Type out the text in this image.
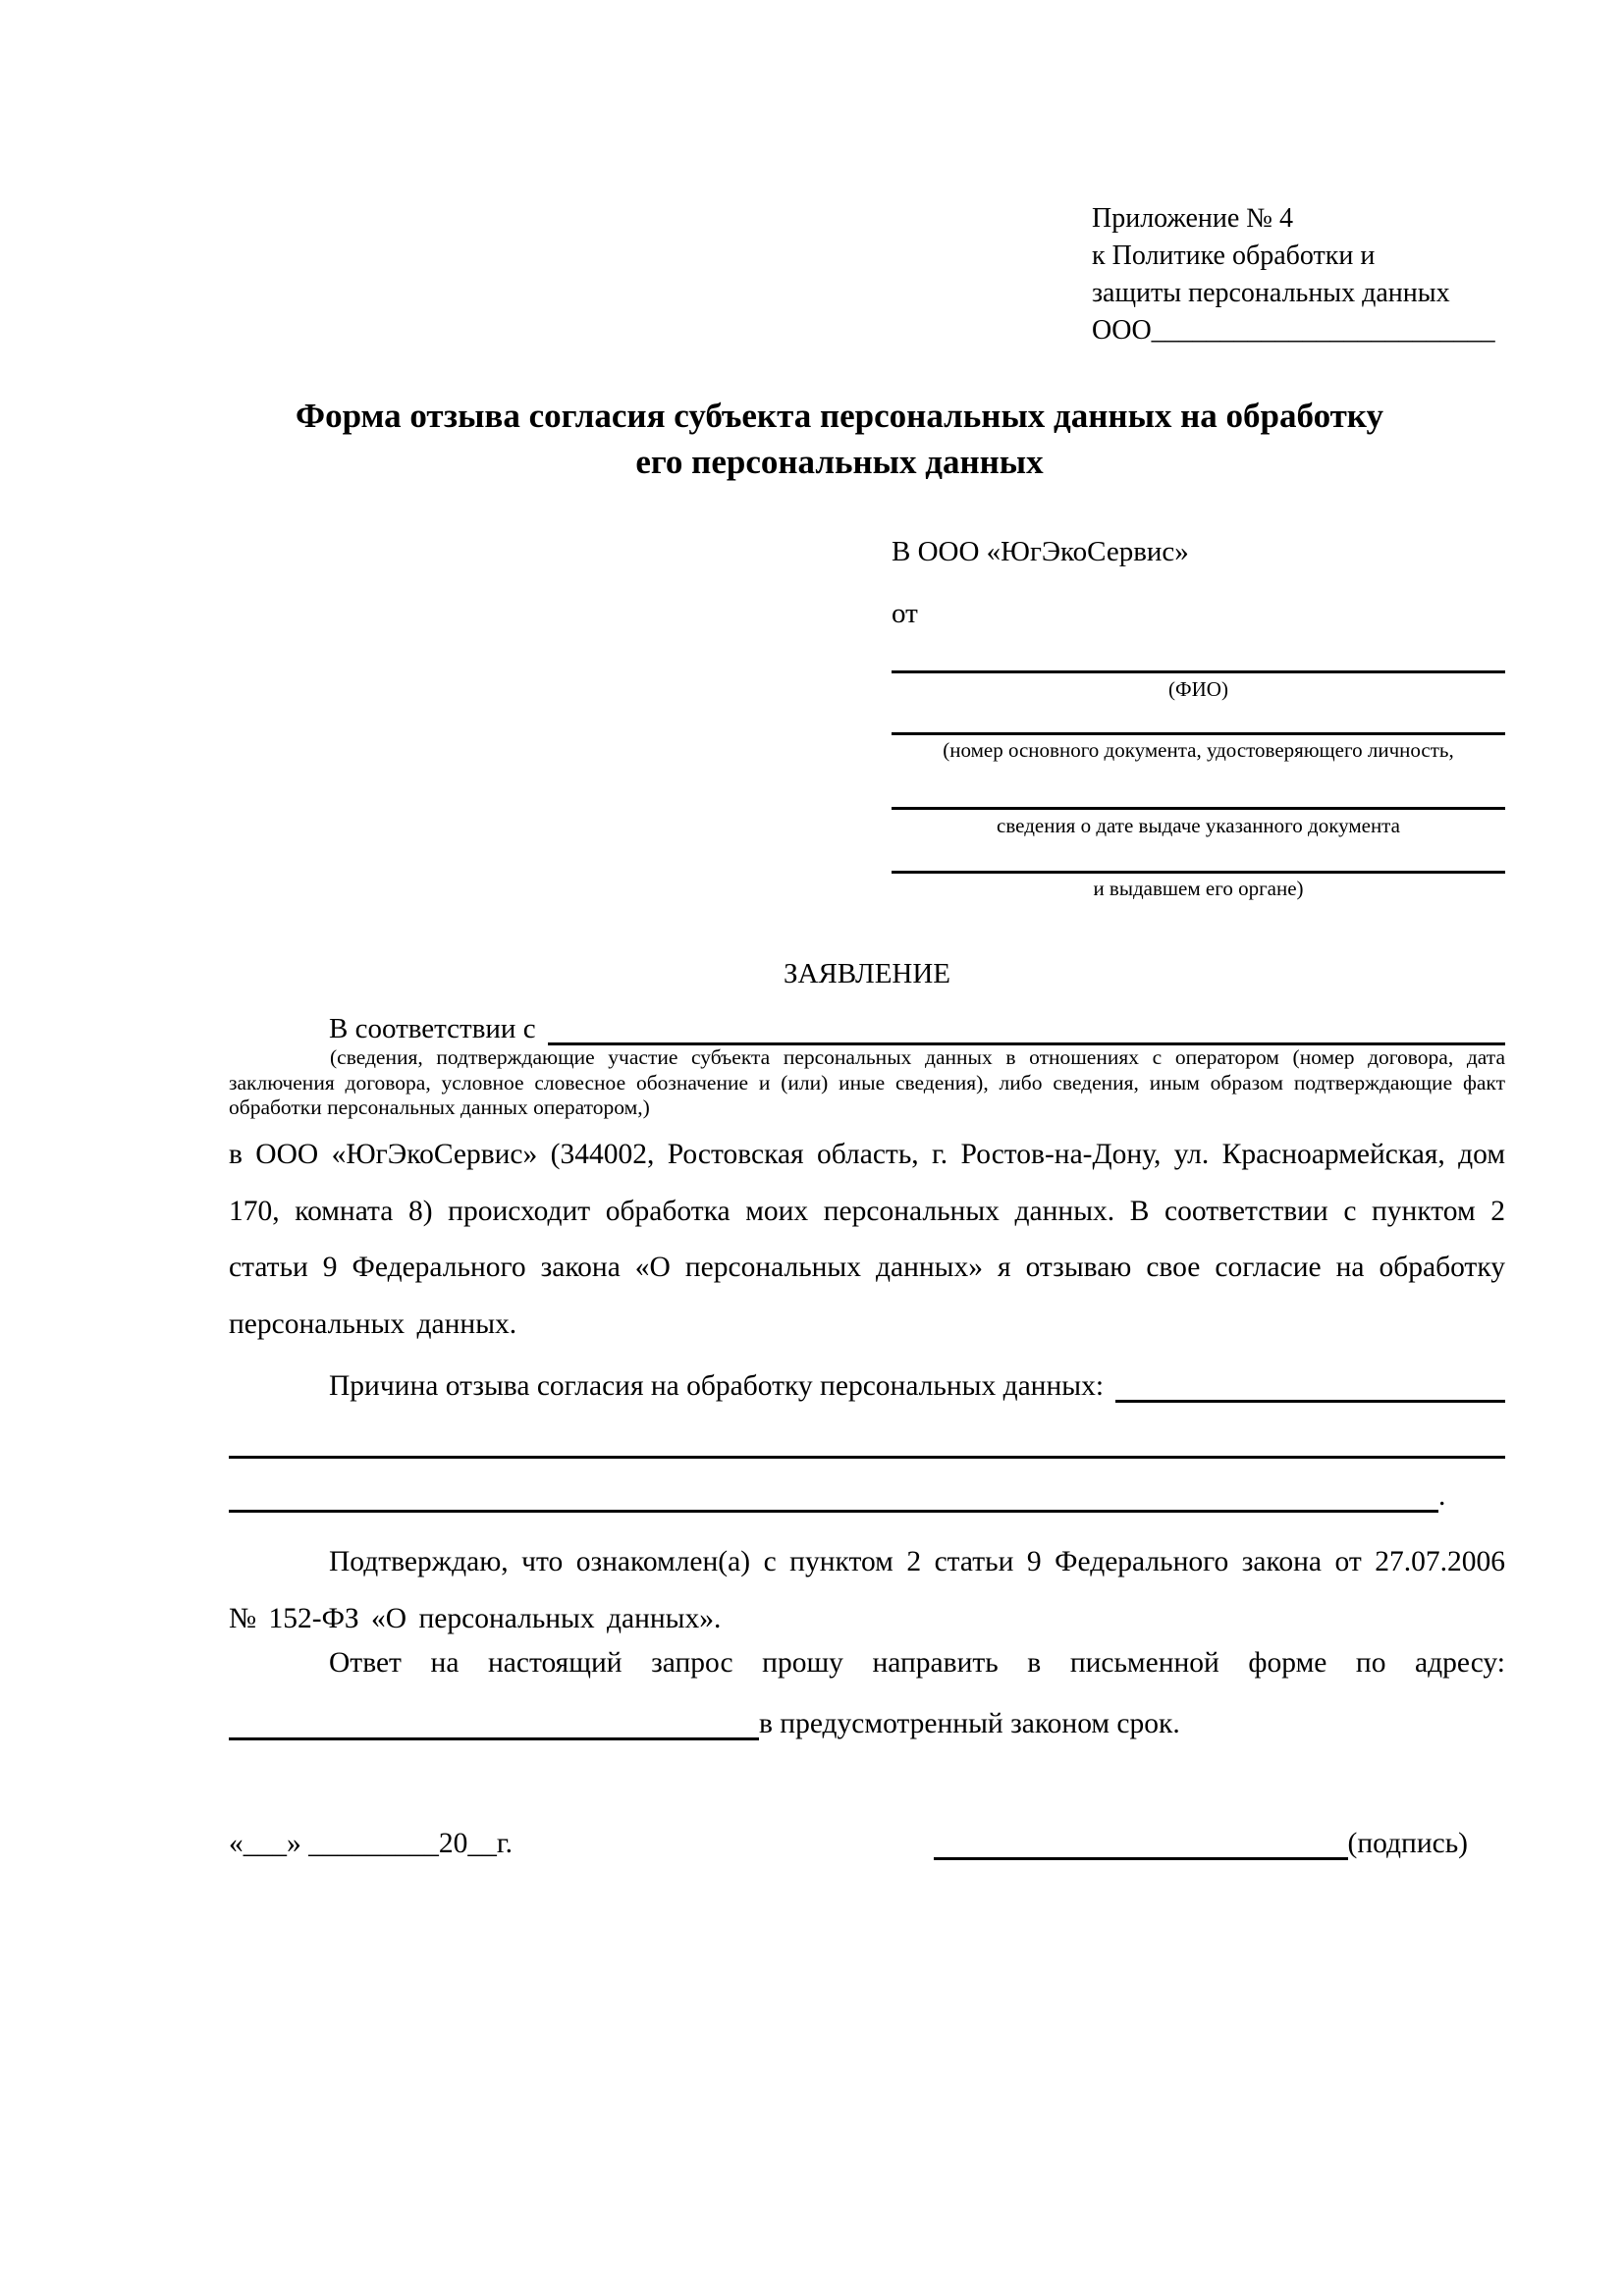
Приложение № 4
к Политике обработки и
защиты персональных данных
ООО_________________________
Форма отзыва согласия субъекта персональных данных на обработку
его персональных данных
В ООО «ЮгЭкоСервис»
от
(ФИО)
(номер основного документа, удостоверяющего личность,
сведения о дате выдаче указанного документа
и выдавшем его органе)
ЗАЯВЛЕНИЕ
В соответствии с
(сведения, подтверждающие участие субъекта персональных данных в отношениях с оператором (номер договора, дата заключения договора, условное словесное обозначение и (или) иные сведения), либо сведения, иным образом подтверждающие факт обработки персональных данных оператором,)
в ООО «ЮгЭкоСервис» (344002, Ростовская область, г. Ростов-на-Дону, ул. Красноармейская, дом 170, комната 8) происходит обработка моих персональных данных. В соответствии с пунктом 2 статьи 9 Федерального закона «О персональных данных» я отзываю свое согласие на обработку персональных данных.
Причина отзыва согласия на обработку персональных данных:
.
Подтверждаю, что ознакомлен(а) с пунктом 2 статьи 9 Федерального закона от 27.07.2006 № 152-ФЗ «О персональных данных».
Ответ на настоящий запрос прошу направить в письменной форме по адресу:
в предусмотренный законом срок.
«___» _________20__г.	(подпись)
